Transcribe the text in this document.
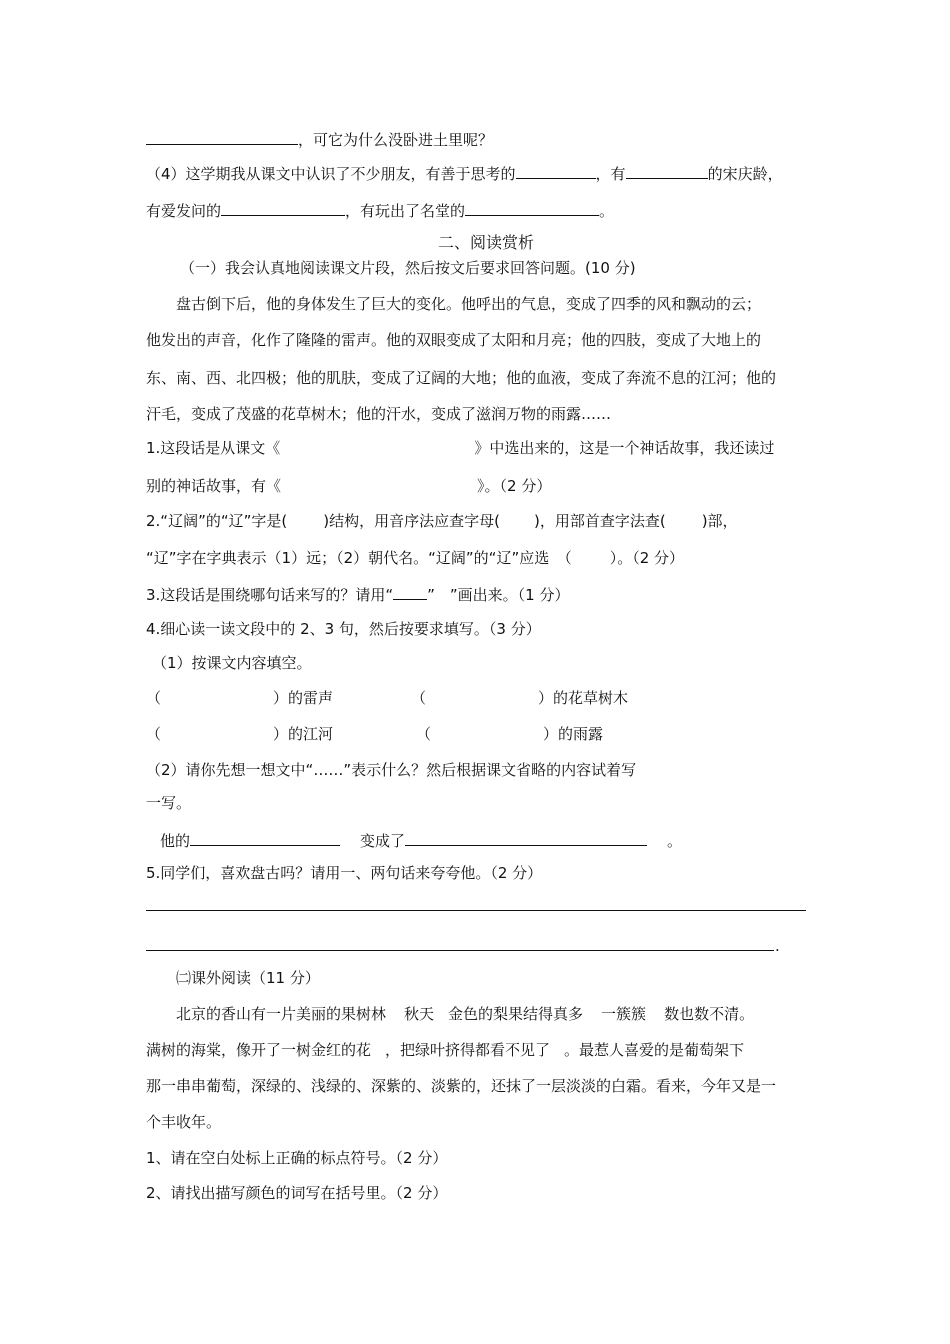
，可它为什么没卧进土里呢？
（4）这学期我从课文中认识了不少朋友，有善于思考的	，有	的宋庆龄，
有爱发问的	，有玩出了名堂的	。
二、阅读赏析
（一）我会认真地阅读课文片段，然后按文后要求回答问题。(10 分)
盘古倒下后，他的身体发生了巨大的变化。他呼出的气息，变成了四季的风和飘动的云；
他发出的声音，化作了隆隆的雷声。他的双眼变成了太阳和月亮；他的四肢，变成了大地上的
东、南、西、北四极；他的肌肤，变成了辽阔的大地；他的血液，变成了奔流不息的江河；他的
汗毛，变成了茂盛的花草树木；他的汗水，变成了滋润万物的雨露……
1.这段话是从课文《	》中选出来的，这是一个神话故事，我还读过
别的神话故事，有《	》。（2 分）
2.“辽阔”的“辽”字是( )结构，用音序法应查字母( )，用部首查字法查( )部，
“辽”字在字典表示（1）远；（2）朝代名。“辽阔”的“辽”应选　（	）。（2 分）
3.这段话是围绕哪句话来写的？请用“ ”　”画出来。（1 分）
4.细心读一读文段中的 2、3 句，然后按要求填写。（3 分）
（1）按课文内容填空。
（	）的雷声	（	）的花草树木
（	）的江河	（	）的雨露
（2）请你先想一想文中“……”表示什么？然后根据课文省略的内容试着写
一写。
他的	变成了	。
5.同学们，喜欢盘古吗？请用一、两句话来夸夸他。（2 分）
.
㈡课外阅读（11 分）
北京的香山有一片美丽的果树林 秋天 金色的梨果结得真多 一簇簇 数也数不清。
满树的海棠，像开了一树金红的花 ，把绿叶挤得都看不见了 。最惹人喜爱的是葡萄架下
那一串串葡萄，深绿的、浅绿的、深紫的、淡紫的，还抹了一层淡淡的白霜。看来，今年又是一
个丰收年。
1、请在空白处标上正确的标点符号。（2 分）
2、请找出描写颜色的词写在括号里。（2 分）
